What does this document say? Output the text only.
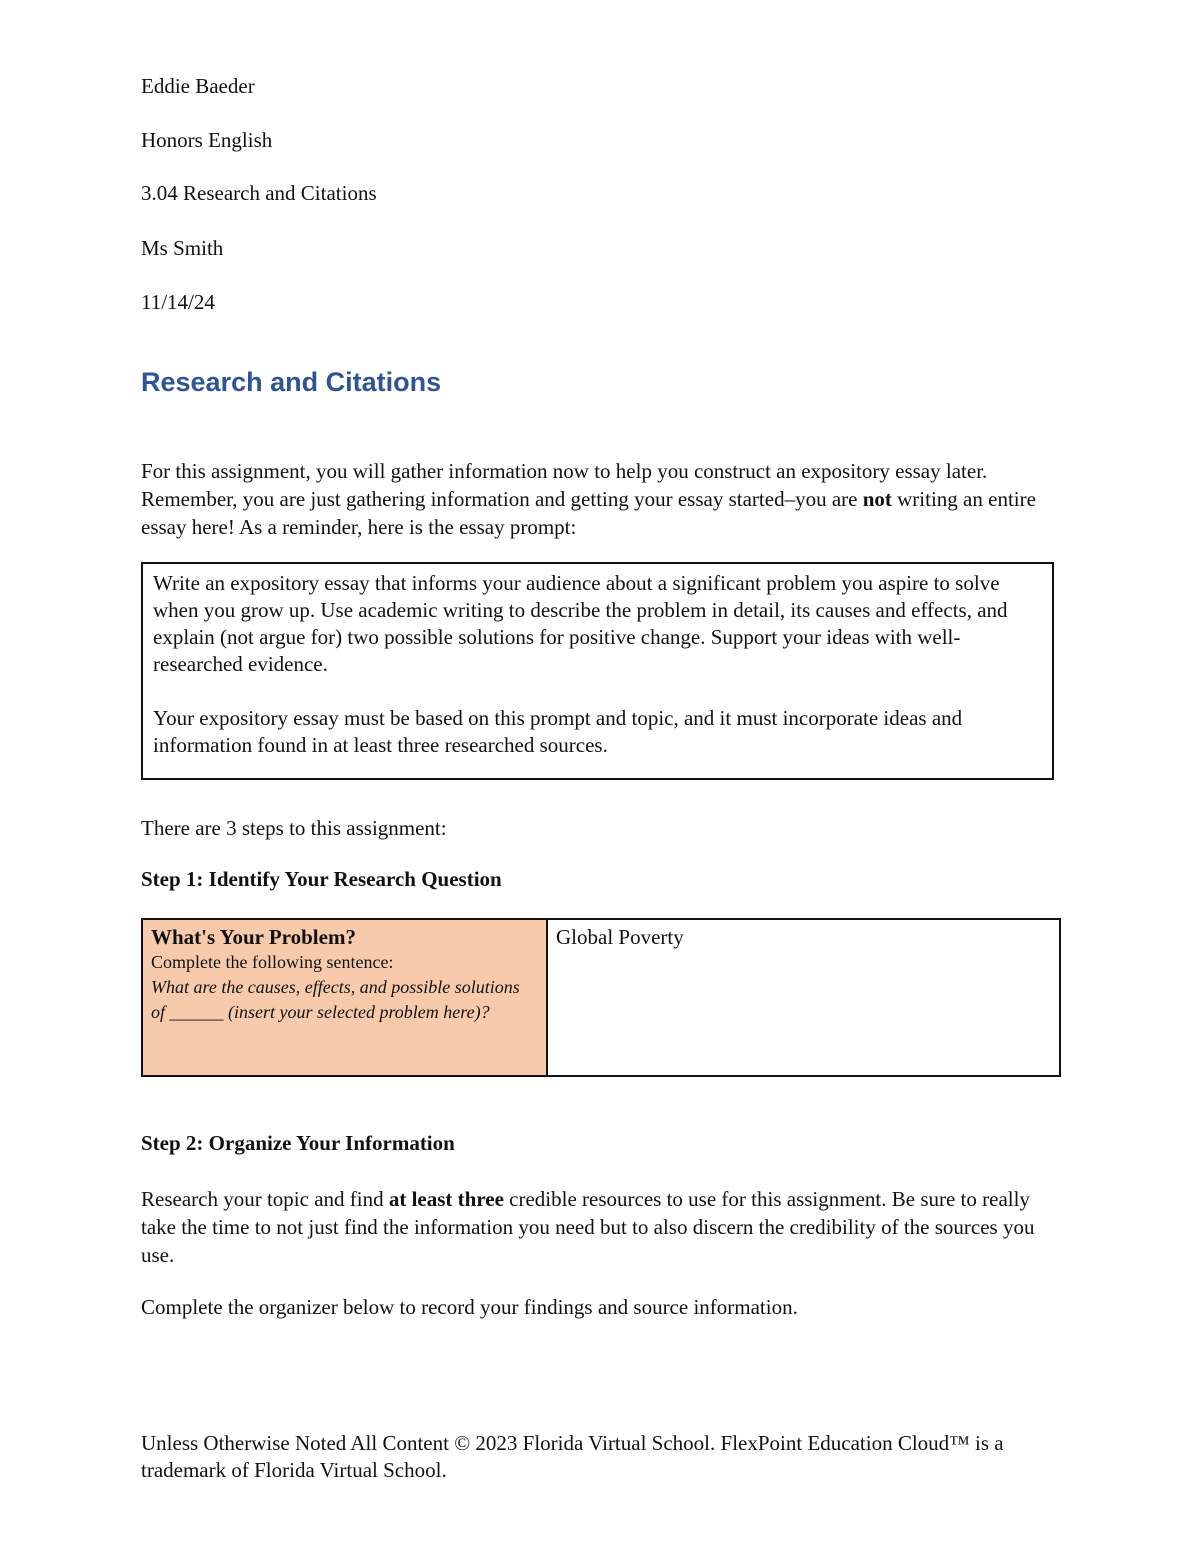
Eddie Baeder
Honors English
3.04 Research and Citations
Ms Smith
11/14/24
Research and Citations
For this assignment, you will gather information now to help you construct an expository essay later. Remember, you are just gathering information and getting your essay started–you are not writing an entire essay here! As a reminder, here is the essay prompt:

Write an expository essay that informs your audience about a significant problem you aspire to solve when you grow up. Use academic writing to describe the problem in detail, its causes and effects, and explain (not argue for) two possible solutions for positive change. Support your ideas with well-researched evidence.

Your expository essay must be based on this prompt and topic, and it must incorporate ideas and information found in at least three researched sources.

There are 3 steps to this assignment:
Step 1: Identify Your Research Question
What's Your Problem?
Complete the following sentence:
What are the causes, effects, and possible solutions of ______ (insert your selected problem here)?
Global Poverty
Step 2: Organize Your Information
Research your topic and find at least three credible resources to use for this assignment. Be sure to really take the time to not just find the information you need but to also discern the credibility of the sources you use.
Complete the organizer below to record your findings and source information.
Unless Otherwise Noted All Content © 2023 Florida Virtual School. FlexPoint Education Cloud™ is a trademark of Florida Virtual School.
